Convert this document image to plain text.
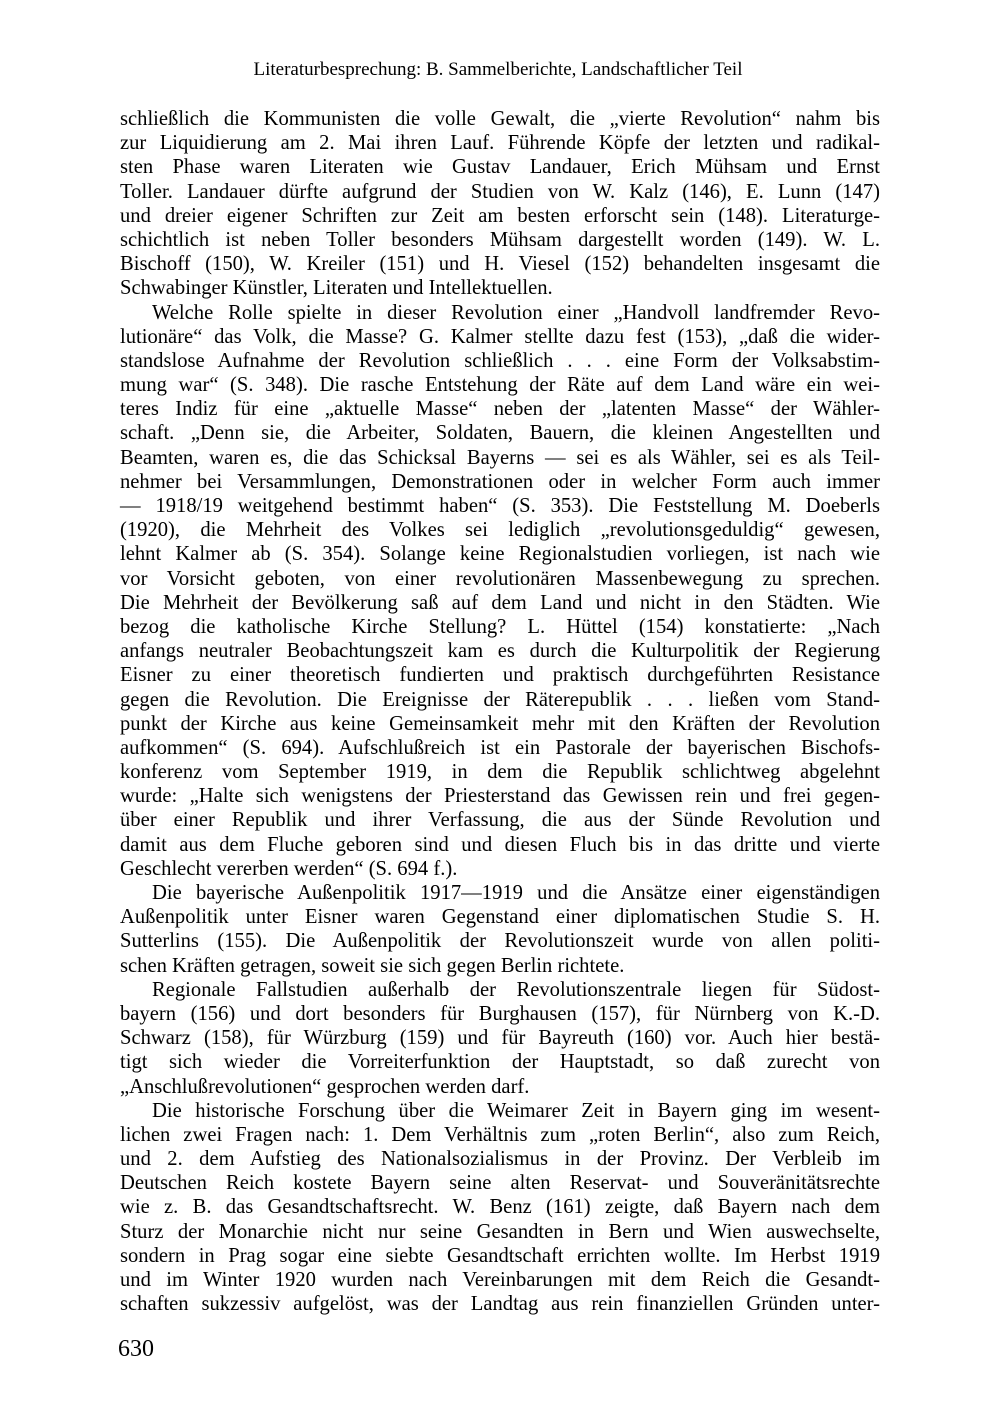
Literaturbesprechung: B. Sammelberichte, Landschaftlicher Teil
schließlich die Kommunisten die volle Gewalt, die „vierte Revolution“ nahm bis
zur Liquidierung am 2. Mai ihren Lauf. Führende Köpfe der letzten und radikal-
sten Phase waren Literaten wie Gustav Landauer, Erich Mühsam und Ernst
Toller. Landauer dürfte aufgrund der Studien von W. Kalz (146), E. Lunn (147)
und dreier eigener Schriften zur Zeit am besten erforscht sein (148). Literaturge-
schichtlich ist neben Toller besonders Mühsam dargestellt worden (149). W. L.
Bischoff (150), W. Kreiler (151) und H. Viesel (152) behandelten insgesamt die
Schwabinger Künstler, Literaten und Intellektuellen.
Welche Rolle spielte in dieser Revolution einer „Handvoll landfremder Revo-
lutionäre“ das Volk, die Masse? G. Kalmer stellte dazu fest (153), „daß die wider-
standslose Aufnahme der Revolution schließlich . . . eine Form der Volksabstim-
mung war“ (S. 348). Die rasche Entstehung der Räte auf dem Land wäre ein wei-
teres Indiz für eine „aktuelle Masse“ neben der „latenten Masse“ der Wähler-
schaft. „Denn sie, die Arbeiter, Soldaten, Bauern, die kleinen Angestellten und
Beamten, waren es, die das Schicksal Bayerns — sei es als Wähler, sei es als Teil-
nehmer bei Versammlungen, Demonstrationen oder in welcher Form auch immer
— 1918/19 weitgehend bestimmt haben“ (S. 353). Die Feststellung M. Doeberls
(1920), die Mehrheit des Volkes sei lediglich „revolutionsgeduldig“ gewesen,
lehnt Kalmer ab (S. 354). Solange keine Regionalstudien vorliegen, ist nach wie
vor Vorsicht geboten, von einer revolutionären Massenbewegung zu sprechen.
Die Mehrheit der Bevölkerung saß auf dem Land und nicht in den Städten. Wie
bezog die katholische Kirche Stellung? L. Hüttel (154) konstatierte: „Nach
anfangs neutraler Beobachtungszeit kam es durch die Kulturpolitik der Regierung
Eisner zu einer theoretisch fundierten und praktisch durchgeführten Resistance
gegen die Revolution. Die Ereignisse der Räterepublik . . . ließen vom Stand-
punkt der Kirche aus keine Gemeinsamkeit mehr mit den Kräften der Revolution
aufkommen“ (S. 694). Aufschlußreich ist ein Pastorale der bayerischen Bischofs-
konferenz vom September 1919, in dem die Republik schlichtweg abgelehnt
wurde: „Halte sich wenigstens der Priesterstand das Gewissen rein und frei gegen-
über einer Republik und ihrer Verfassung, die aus der Sünde Revolution und
damit aus dem Fluche geboren sind und diesen Fluch bis in das dritte und vierte
Geschlecht vererben werden“ (S. 694 f.).
Die bayerische Außenpolitik 1917—1919 und die Ansätze einer eigenständigen
Außenpolitik unter Eisner waren Gegenstand einer diplomatischen Studie S. H.
Sutterlins (155). Die Außenpolitik der Revolutionszeit wurde von allen politi-
schen Kräften getragen, soweit sie sich gegen Berlin richtete.
Regionale Fallstudien außerhalb der Revolutionszentrale liegen für Südost-
bayern (156) und dort besonders für Burghausen (157), für Nürnberg von K.-D.
Schwarz (158), für Würzburg (159) und für Bayreuth (160) vor. Auch hier bestä-
tigt sich wieder die Vorreiterfunktion der Hauptstadt, so daß zurecht von
„Anschlußrevolutionen“ gesprochen werden darf.
Die historische Forschung über die Weimarer Zeit in Bayern ging im wesent-
lichen zwei Fragen nach: 1. Dem Verhältnis zum „roten Berlin“, also zum Reich,
und 2. dem Aufstieg des Nationalsozialismus in der Provinz. Der Verbleib im
Deutschen Reich kostete Bayern seine alten Reservat- und Souveränitätsrechte
wie z. B. das Gesandtschaftsrecht. W. Benz (161) zeigte, daß Bayern nach dem
Sturz der Monarchie nicht nur seine Gesandten in Bern und Wien auswechselte,
sondern in Prag sogar eine siebte Gesandtschaft errichten wollte. Im Herbst 1919
und im Winter 1920 wurden nach Vereinbarungen mit dem Reich die Gesandt-
schaften sukzessiv aufgelöst, was der Landtag aus rein finanziellen Gründen unter-
630
